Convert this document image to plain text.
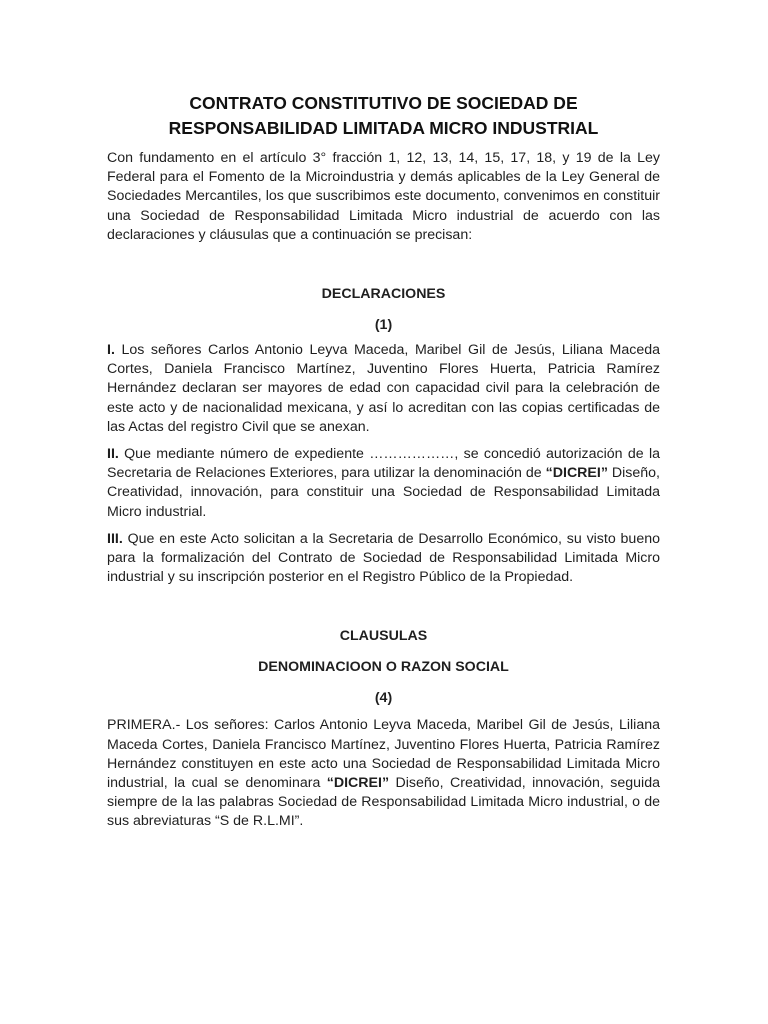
CONTRATO CONSTITUTIVO DE SOCIEDAD DE
RESPONSABILIDAD LIMITADA MICRO INDUSTRIAL

Con fundamento en el artículo 3° fracción 1, 12, 13, 14, 15, 17, 18, y 19 de la Ley Federal para el Fomento de la Microindustria y demás aplicables de la Ley General de Sociedades Mercantiles, los que suscribimos este documento, convenimos en constituir una Sociedad de Responsabilidad Limitada Micro industrial de acuerdo con las declaraciones y cláusulas que a continuación se precisan:

DECLARACIONES
(1)

I. Los señores Carlos Antonio Leyva Maceda, Maribel Gil de Jesús, Liliana Maceda Cortes, Daniela Francisco Martínez, Juventino Flores Huerta, Patricia Ramírez Hernández declaran ser mayores de edad con capacidad civil para la celebración de este acto y de nacionalidad mexicana, y así lo acreditan con las copias certificadas de las Actas del registro Civil que se anexan.

II. Que mediante número de expediente ………………, se concedió autorización de la Secretaria de Relaciones Exteriores, para utilizar la denominación de “DICREI” Diseño, Creatividad, innovación, para constituir una Sociedad de Responsabilidad Limitada Micro industrial.

III. Que en este Acto solicitan a la Secretaria de Desarrollo Económico, su visto bueno para la formalización del Contrato de Sociedad de Responsabilidad Limitada Micro industrial y su inscripción posterior en el Registro Público de la Propiedad.

CLAUSULAS
DENOMINACIOON O RAZON SOCIAL
(4)

PRIMERA.- Los señores: Carlos Antonio Leyva Maceda, Maribel Gil de Jesús, Liliana Maceda Cortes, Daniela Francisco Martínez, Juventino Flores Huerta, Patricia Ramírez Hernández constituyen en este acto una Sociedad de Responsabilidad Limitada Micro industrial, la cual se denominara “DICREI” Diseño, Creatividad, innovación, seguida siempre de la las palabras Sociedad de Responsabilidad Limitada Micro industrial, o de sus abreviaturas “S de R.L.MI”.
